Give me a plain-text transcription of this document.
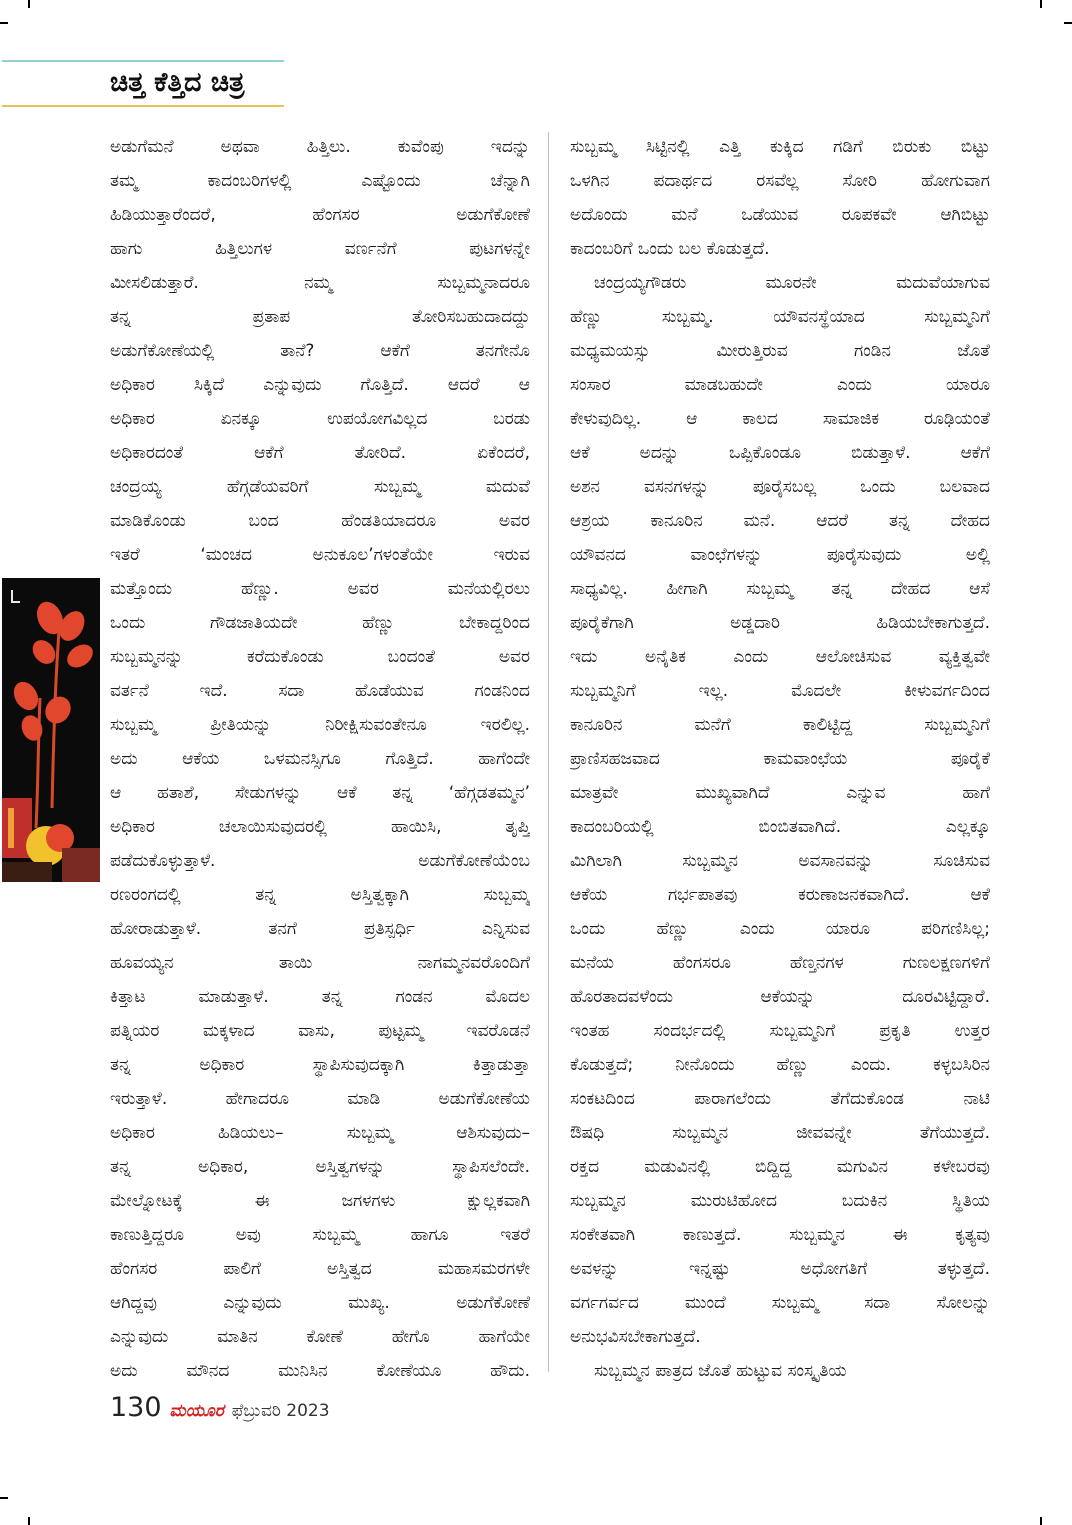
ಚಿತ್ತ ಕೆತ್ತಿದ ಚಿತ್ರ
ಅಡುಗೆಮನೆ ಅಥವಾ ಹಿತ್ತಿಲು. ಕುವೆಂಪು ಇದನ್ನು
ತಮ್ಮ ಕಾದಂಬರಿಗಳಲ್ಲಿ ಎಷ್ಟೊಂದು ಚೆನ್ನಾಗಿ
ಹಿಡಿಯುತ್ತಾರೆಂದರೆ, ಹೆಂಗಸರ ಅಡುಗೆಕೋಣೆ
ಹಾಗು ಹಿತ್ತಿಲುಗಳ ವರ್ಣನೆಗೆ ಪುಟಗಳನ್ನೇ
ಮೀಸಲಿಡುತ್ತಾರೆ. ನಮ್ಮ ಸುಬ್ಬಮ್ಮನಾದರೂ
ತನ್ನ ಪ್ರತಾಪ ತೋರಿಸಬಹುದಾದದ್ದು
ಅಡುಗೆಕೋಣೆಯಲ್ಲಿ ತಾನೆ? ಆಕೆಗೆ ತನಗೇನೊ
ಅಧಿಕಾರ ಸಿಕ್ಕಿದೆ ಎನ್ನುವುದು ಗೊತ್ತಿದೆ. ಆದರೆ ಆ
ಅಧಿಕಾರ ಏನಕ್ಕೂ ಉಪಯೋಗವಿಲ್ಲದ ಬರಡು
ಅಧಿಕಾರದಂತೆ ಆಕೆಗೆ ತೋರಿದೆ. ಏಕೆಂದರೆ,
ಚಂದ್ರಯ್ಯ ಹೆಗ್ಗಡೆಯವರಿಗೆ ಸುಬ್ಬಮ್ಮ ಮದುವೆ
ಮಾಡಿಕೊಂಡು ಬಂದ ಹೆಂಡತಿಯಾದರೂ ಅವರ
ಇತರೆ ‘ಮಂಚದ ಅನುಕೂಲ’ಗಳಂತೆಯೇ ಇರುವ
ಮತ್ತೊಂದು ಹೆಣ್ಣು. ಅವರ ಮನೆಯಲ್ಲಿರಲು
ಒಂದು ಗೌಡಜಾತಿಯದೇ ಹೆಣ್ಣು ಬೇಕಾದ್ದರಿಂದ
ಸುಬ್ಬಮ್ಮನನ್ನು ಕರೆದುಕೊಂಡು ಬಂದಂತೆ ಅವರ
ವರ್ತನೆ ಇದೆ. ಸದಾ ಹೊಡೆಯುವ ಗಂಡನಿಂದ
ಸುಬ್ಬಮ್ಮ ಪ್ರೀತಿಯನ್ನು ನಿರೀಕ್ಷಿಸುವಂತೇನೂ ಇರಲಿಲ್ಲ.
ಅದು ಆಕೆಯ ಒಳಮನಸ್ಸಿಗೂ ಗೊತ್ತಿದೆ. ಹಾಗೆಂದೇ
ಆ ಹತಾಶೆ, ಸೇಡುಗಳನ್ನು ಆಕೆ ತನ್ನ ‘ಹೆಗ್ಗಡತಮ್ಮನ’
ಅಧಿಕಾರ ಚಲಾಯಿಸುವುದರಲ್ಲಿ ಹಾಯಿಸಿ, ತೃಪ್ತಿ
ಪಡೆದುಕೊಳ್ಳುತ್ತಾಳೆ. ಅಡುಗೆಕೋಣೆಯೆಂಬ
ರಣರಂಗದಲ್ಲಿ ತನ್ನ ಅಸ್ತಿತ್ವಕ್ಕಾಗಿ ಸುಬ್ಬಮ್ಮ
ಹೋರಾಡುತ್ತಾಳೆ. ತನಗೆ ಪ್ರತಿಸ್ಪರ್ಧಿ ಎನ್ನಿಸುವ
ಹೂವಯ್ಯನ ತಾಯಿ ನಾಗಮ್ಮನವರೊಂದಿಗೆ
ಕಿತ್ತಾಟ ಮಾಡುತ್ತಾಳೆ. ತನ್ನ ಗಂಡನ ಮೊದಲ
ಪತ್ನಿಯರ ಮಕ್ಕಳಾದ ವಾಸು, ಪುಟ್ಟಮ್ಮ ಇವರೊಡನೆ
ತನ್ನ ಅಧಿಕಾರ ಸ್ಥಾಪಿಸುವುದಕ್ಕಾಗಿ ಕಿತ್ತಾಡುತ್ತಾ
ಇರುತ್ತಾಳೆ. ಹೇಗಾದರೂ ಮಾಡಿ ಅಡುಗೆಕೋಣೆಯ
ಅಧಿಕಾರ ಹಿಡಿಯಲು– ಸುಬ್ಬಮ್ಮ ಆಶಿಸುವುದು–
ತನ್ನ ಅಧಿಕಾರ, ಅಸ್ತಿತ್ವಗಳನ್ನು ಸ್ಥಾಪಿಸಲೆಂದೇ.
ಮೇಲ್ನೋಟಕ್ಕೆ ಈ ಜಗಳಗಳು ಕ್ಷುಲ್ಲಕವಾಗಿ
ಕಾಣುತ್ತಿದ್ದರೂ ಅವು ಸುಬ್ಬಮ್ಮ ಹಾಗೂ ಇತರೆ
ಹೆಂಗಸರ ಪಾಲಿಗೆ ಅಸ್ತಿತ್ವದ ಮಹಾಸಮರಗಳೇ
ಆಗಿದ್ದವು ಎನ್ನುವುದು ಮುಖ್ಯ. ಅಡುಗೆಕೋಣೆ
ಎನ್ನುವುದು ಮಾತಿನ ಕೋಣೆ ಹೇಗೊ ಹಾಗೆಯೇ
ಅದು ಮೌನದ ಮುನಿಸಿನ ಕೋಣೆಯೂ ಹೌದು.
ಸುಬ್ಬಮ್ಮ ಸಿಟ್ಟಿನಲ್ಲಿ ಎತ್ತಿ ಕುಕ್ಕಿದ ಗಡಿಗೆ ಬಿರುಕು ಬಿಟ್ಟು
ಒಳಗಿನ ಪದಾರ್ಥದ ರಸವೆಲ್ಲ ಸೋರಿ ಹೋಗುವಾಗ
ಅದೊಂದು ಮನೆ ಒಡೆಯುವ ರೂಪಕವೇ ಆಗಿಬಿಟ್ಟು
ಕಾದಂಬರಿಗೆ ಒಂದು ಬಲ ಕೊಡುತ್ತದೆ.
ಚಂದ್ರಯ್ಯಗೌಡರು ಮೂರನೇ ಮದುವೆಯಾಗುವ
ಹೆಣ್ಣು ಸುಬ್ಬಮ್ಮ. ಯೌವನಸ್ಥೆಯಾದ ಸುಬ್ಬಮ್ಮನಿಗೆ
ಮಧ್ಯಮಯಸ್ಸು ಮೀರುತ್ತಿರುವ ಗಂಡಿನ ಜೊತೆ
ಸಂಸಾರ ಮಾಡಬಹುದೇ ಎಂದು ಯಾರೂ
ಕೇಳುವುದಿಲ್ಲ. ಆ ಕಾಲದ ಸಾಮಾಜಿಕ ರೂಢಿಯಂತೆ
ಆಕೆ ಅದನ್ನು ಒಪ್ಪಿಕೊಂಡೂ ಬಿಡುತ್ತಾಳೆ. ಆಕೆಗೆ
ಅಶನ ವಸನಗಳನ್ನು ಪೂರೈಸಬಲ್ಲ ಒಂದು ಬಲವಾದ
ಆಶ್ರಯ ಕಾನೂರಿನ ಮನೆ. ಆದರೆ ತನ್ನ ದೇಹದ
ಯೌವನದ ವಾಂಛೆಗಳನ್ನು ಪೂರೈಸುವುದು ಅಲ್ಲಿ
ಸಾಧ್ಯವಿಲ್ಲ. ಹೀಗಾಗಿ ಸುಬ್ಬಮ್ಮ ತನ್ನ ದೇಹದ ಆಸೆ
ಪೂರೈಕೆಗಾಗಿ ಅಡ್ಡದಾರಿ ಹಿಡಿಯಬೇಕಾಗುತ್ತದೆ.
ಇದು ಅನೈತಿಕ ಎಂದು ಆಲೋಚಿಸುವ ವ್ಯಕ್ತಿತ್ವವೇ
ಸುಬ್ಬಮ್ಮನಿಗೆ ಇಲ್ಲ. ಮೊದಲೇ ಕೀಳುವರ್ಗದಿಂದ
ಕಾನೂರಿನ ಮನೆಗೆ ಕಾಲಿಟ್ಟಿದ್ದ ಸುಬ್ಬಮ್ಮನಿಗೆ
ಪ್ರಾಣಿಸಹಜವಾದ ಕಾಮವಾಂಛೆಯ ಪೂರೈಕೆ
ಮಾತ್ರವೇ ಮುಖ್ಯವಾಗಿದೆ ಎನ್ನುವ ಹಾಗೆ
ಕಾದಂಬರಿಯಲ್ಲಿ ಬಿಂಬಿತವಾಗಿದೆ. ಎಲ್ಲಕ್ಕೂ
ಮಿಗಿಲಾಗಿ ಸುಬ್ಬಮ್ಮನ ಅವಸಾನವನ್ನು ಸೂಚಿಸುವ
ಆಕೆಯ ಗರ್ಭಪಾತವು ಕರುಣಾಜನಕವಾಗಿದೆ. ಆಕೆ
ಒಂದು ಹೆಣ್ಣು ಎಂದು ಯಾರೂ ಪರಿಗಣಿಸಿಲ್ಲ;
ಮನೆಯ ಹೆಂಗಸರೂ ಹೆಣ್ತನಗಳ ಗುಣಲಕ್ಷಣಗಳಿಗೆ
ಹೊರತಾದವಳೆಂದು ಆಕೆಯನ್ನು ದೂರವಿಟ್ಟಿದ್ದಾರೆ.
ಇಂತಹ ಸಂದರ್ಭದಲ್ಲಿ ಸುಬ್ಬಮ್ಮನಿಗೆ ಪ್ರಕೃತಿ ಉತ್ತರ
ಕೊಡುತ್ತದೆ; ನೀನೊಂದು ಹೆಣ್ಣು ಎಂದು. ಕಳ್ಳಬಸಿರಿನ
ಸಂಕಟದಿಂದ ಪಾರಾಗಲೆಂದು ತೆಗೆದುಕೊಂಡ ನಾಟಿ
ಔಷಧಿ ಸುಬ್ಬಮ್ಮನ ಜೀವವನ್ನೇ ತೆಗೆಯುತ್ತದೆ.
ರಕ್ತದ ಮಡುವಿನಲ್ಲಿ ಬಿದ್ದಿದ್ದ ಮಗುವಿನ ಕಳೇಬರವು
ಸುಬ್ಬಮ್ಮನ ಮುರುಟಿಹೋದ ಬದುಕಿನ ಸ್ಥಿತಿಯ
ಸಂಕೇತವಾಗಿ ಕಾಣುತ್ತದೆ. ಸುಬ್ಬಮ್ಮನ ಈ ಕೃತ್ಯವು
ಅವಳನ್ನು ಇನ್ನಷ್ಟು ಅಧೋಗತಿಗೆ ತಳ್ಳುತ್ತದೆ.
ವರ್ಗಗರ್ವದ ಮುಂದೆ ಸುಬ್ಬಮ್ಮ ಸದಾ ಸೋಲನ್ನು
ಅನುಭವಿಸಬೇಕಾಗುತ್ತದೆ.
ಸುಬ್ಬಮ್ಮನ ಪಾತ್ರದ ಜೊತೆ ಹುಟ್ಟುವ ಸಂಸ್ಕೃತಿಯ
130 ಮಯೂರ ಫೆಬ್ರುವರಿ 2023
